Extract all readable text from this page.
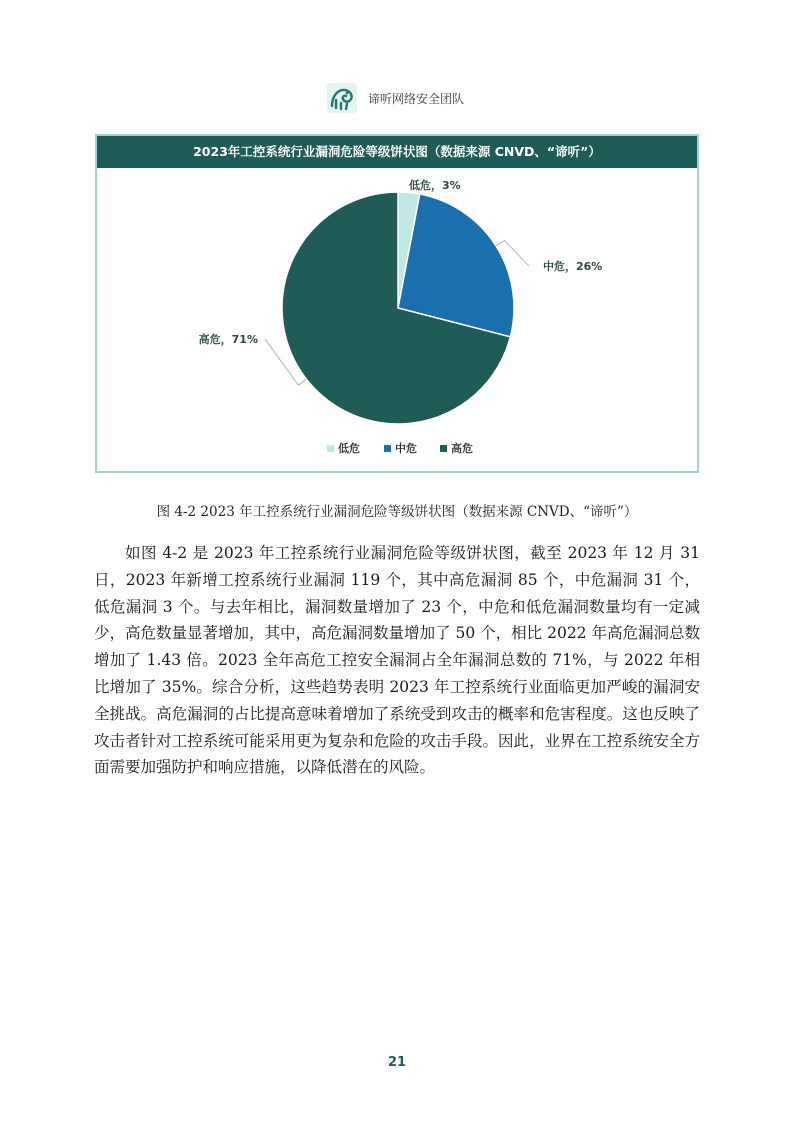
谛听网络安全团队
低危，3%
中危，26%
高危，71%
低危	中危	高危
2023年工控系统行业漏洞危险等级饼状图（数据来源 CNVD、“谛听”）
图 4-2 2023 年工控系统行业漏洞危险等级饼状图（数据来源 CNVD、“谛听”）

如图 4-2 是 2023 年工控系统行业漏洞危险等级饼状图，截至 2023 年 12 月 31 日，2023 年新增工控系统行业漏洞 119 个，其中高危漏洞 85 个，中危漏洞 31 个，低危漏洞 3 个。与去年相比，漏洞数量增加了 23 个，中危和低危漏洞数量均有一定减少，高危数量显著增加，其中，高危漏洞数量增加了 50 个，相比 2022 年高危漏洞总数增加了 1.43 倍。2023 全年高危工控安全漏洞占全年漏洞总数的 71%，与 2022 年相比增加了 35%。综合分析，这些趋势表明 2023 年工控系统行业面临更加严峻的漏洞安全挑战。高危漏洞的占比提高意味着增加了系统受到攻击的概率和危害程度。这也反映了攻击者针对工控系统可能采用更为复杂和危险的攻击手段。因此，业界在工控系统安全方面需要加强防护和响应措施，以降低潜在的风险。

21
